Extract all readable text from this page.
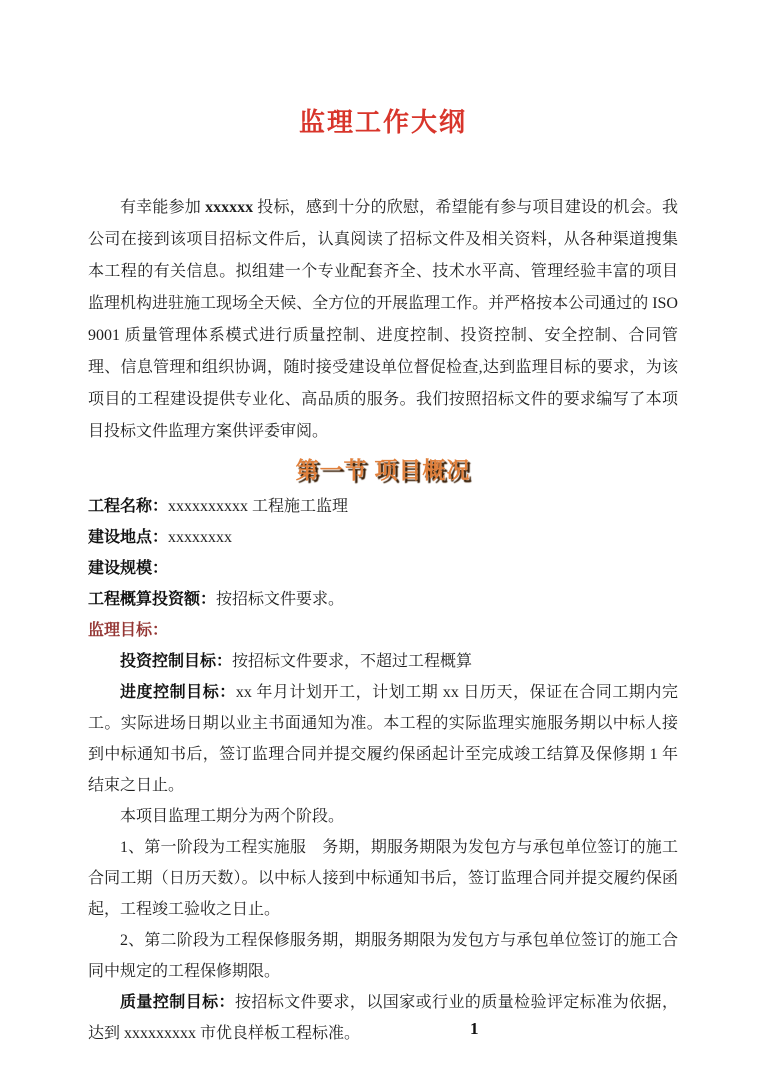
监理工作大纲

有幸能参加 xxxxxx 投标，感到十分的欣慰，希望能有参与项目建设的机会。我公司在接到该项目招标文件后，认真阅读了招标文件及相关资料，从各种渠道搜集本工程的有关信息。拟组建一个专业配套齐全、技术水平高、管理经验丰富的项目监理机构进驻施工现场全天候、全方位的开展监理工作。并严格按本公司通过的 ISO9001 质量管理体系模式进行质量控制、进度控制、投资控制、安全控制、合同管理、信息管理和组织协调，随时接受建设单位督促检查,达到监理目标的要求，为该项目的工程建设提供专业化、高品质的服务。我们按照招标文件的要求编写了本项目投标文件监理方案供评委审阅。

第一节 项目概况

工程名称：xxxxxxxxxx 工程施工监理

建设地点：xxxxxxxx

建设规模：

工程概算投资额：按招标文件要求。

监理目标：

投资控制目标：按招标文件要求，不超过工程概算

进度控制目标：xx 年月计划开工，计划工期 xx 日历天，保证在合同工期内完工。实际进场日期以业主书面通知为准。本工程的实际监理实施服务期以中标人接到中标通知书后，签订监理合同并提交履约保函起计至完成竣工结算及保修期 1 年结束之日止。

本项目监理工期分为两个阶段。

1、第一阶段为工程实施服　务期，期服务期限为发包方与承包单位签订的施工合同工期（日历天数）。以中标人接到中标通知书后，签订监理合同并提交履约保函起，工程竣工验收之日止。

2、第二阶段为工程保修服务期，期服务期限为发包方与承包单位签订的施工合同中规定的工程保修期限。

质量控制目标：按招标文件要求，以国家或行业的质量检验评定标准为依据，达到 xxxxxxxxx 市优良样板工程标准。	1
